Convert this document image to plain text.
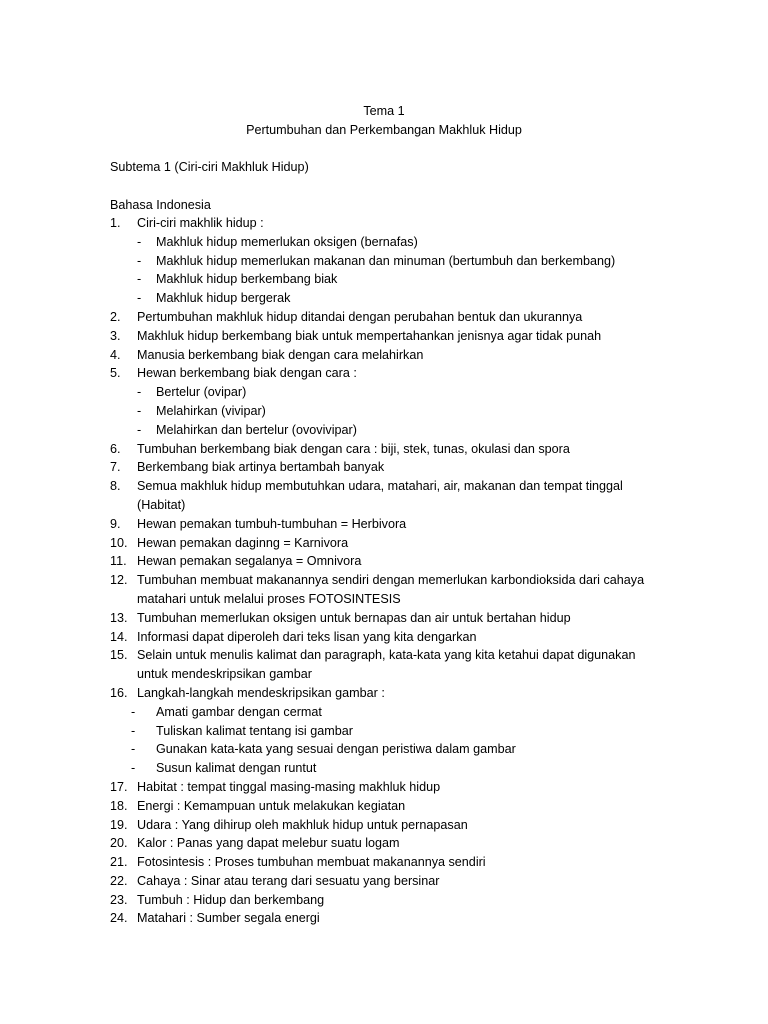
Tema 1
Pertumbuhan dan Perkembangan Makhluk Hidup
Subtema 1 (Ciri-ciri Makhluk Hidup)
Bahasa Indonesia
1. Ciri-ciri makhlik hidup :
- Makhluk hidup memerlukan oksigen (bernafas)
- Makhluk hidup memerlukan makanan dan minuman (bertumbuh dan berkembang)
- Makhluk hidup berkembang biak
- Makhluk hidup bergerak
2. Pertumbuhan makhluk hidup ditandai dengan perubahan bentuk dan ukurannya
3. Makhluk hidup berkembang biak untuk mempertahankan jenisnya agar tidak punah
4. Manusia berkembang biak dengan cara melahirkan
5. Hewan berkembang biak dengan cara :
- Bertelur (ovipar)
- Melahirkan (vivipar)
- Melahirkan dan bertelur (ovovivipar)
6. Tumbuhan berkembang biak dengan cara : biji, stek, tunas, okulasi dan spora
7. Berkembang biak artinya bertambah banyak
8. Semua makhluk hidup membutuhkan udara, matahari, air, makanan dan tempat tinggal
(Habitat)
9. Hewan pemakan tumbuh-tumbuhan = Herbivora
10. Hewan pemakan daginng = Karnivora
11. Hewan pemakan segalanya = Omnivora
12. Tumbuhan membuat makanannya sendiri dengan memerlukan karbondioksida dari cahaya
matahari untuk melalui proses FOTOSINTESIS
13. Tumbuhan memerlukan oksigen untuk bernapas dan air untuk bertahan hidup
14. Informasi dapat diperoleh dari teks lisan yang kita dengarkan
15. Selain untuk menulis kalimat dan paragraph, kata-kata yang kita ketahui dapat digunakan
untuk mendeskripsikan gambar
16. Langkah-langkah mendeskripsikan gambar :
- Amati gambar dengan cermat
- Tuliskan kalimat tentang isi gambar
- Gunakan kata-kata yang sesuai dengan peristiwa dalam gambar
- Susun kalimat dengan runtut
17. Habitat : tempat tinggal masing-masing makhluk hidup
18. Energi : Kemampuan untuk melakukan kegiatan
19. Udara : Yang dihirup oleh makhluk hidup untuk pernapasan
20. Kalor : Panas yang dapat melebur suatu logam
21. Fotosintesis : Proses tumbuhan membuat makanannya sendiri
22. Cahaya : Sinar atau terang dari sesuatu yang bersinar
23. Tumbuh : Hidup dan berkembang
24. Matahari : Sumber segala energi
